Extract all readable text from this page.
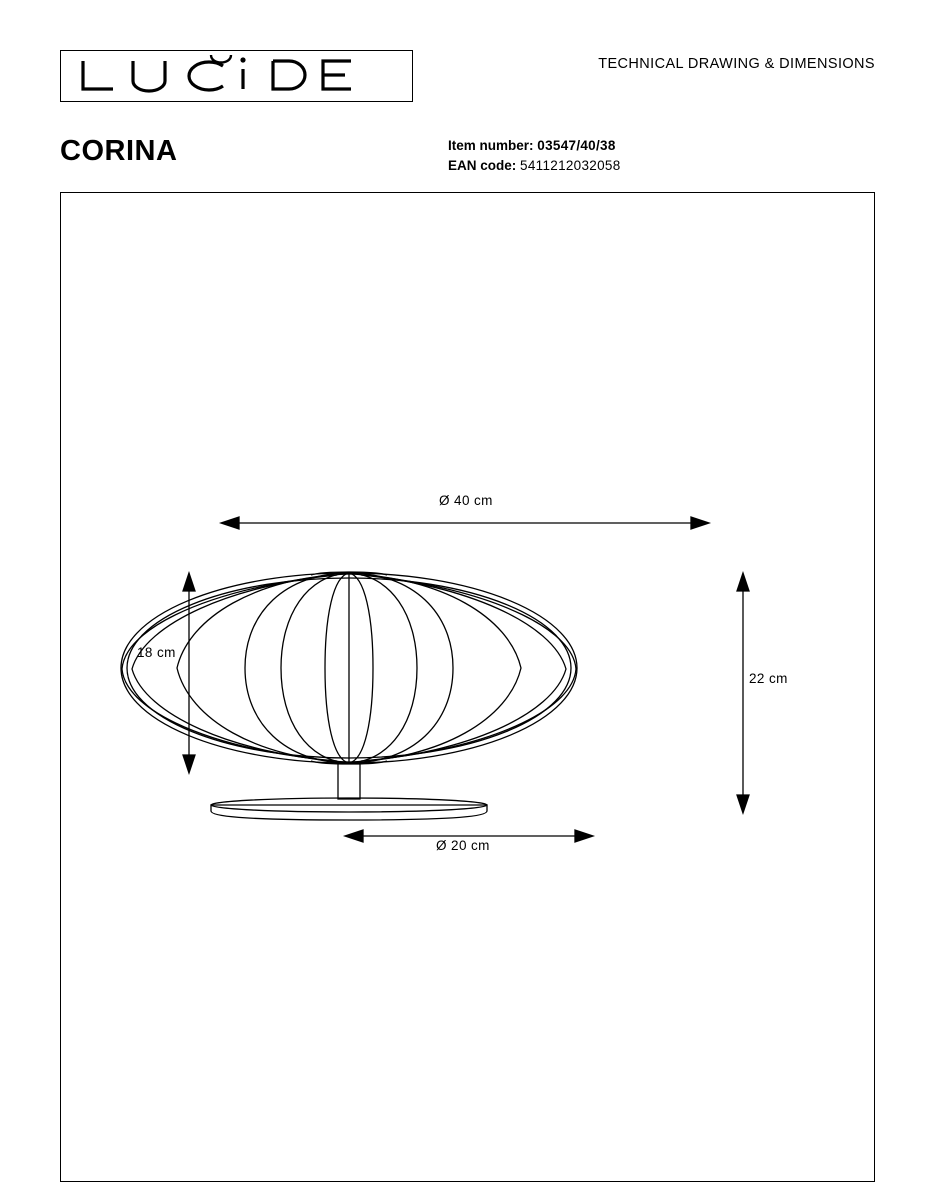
TECHNICAL DRAWING & DIMENSIONS
CORINA	Item number: 03547/40/38
EAN code: 5411212032058
Ø 40 cm
18 cm
22 cm
Ø 20 cm
